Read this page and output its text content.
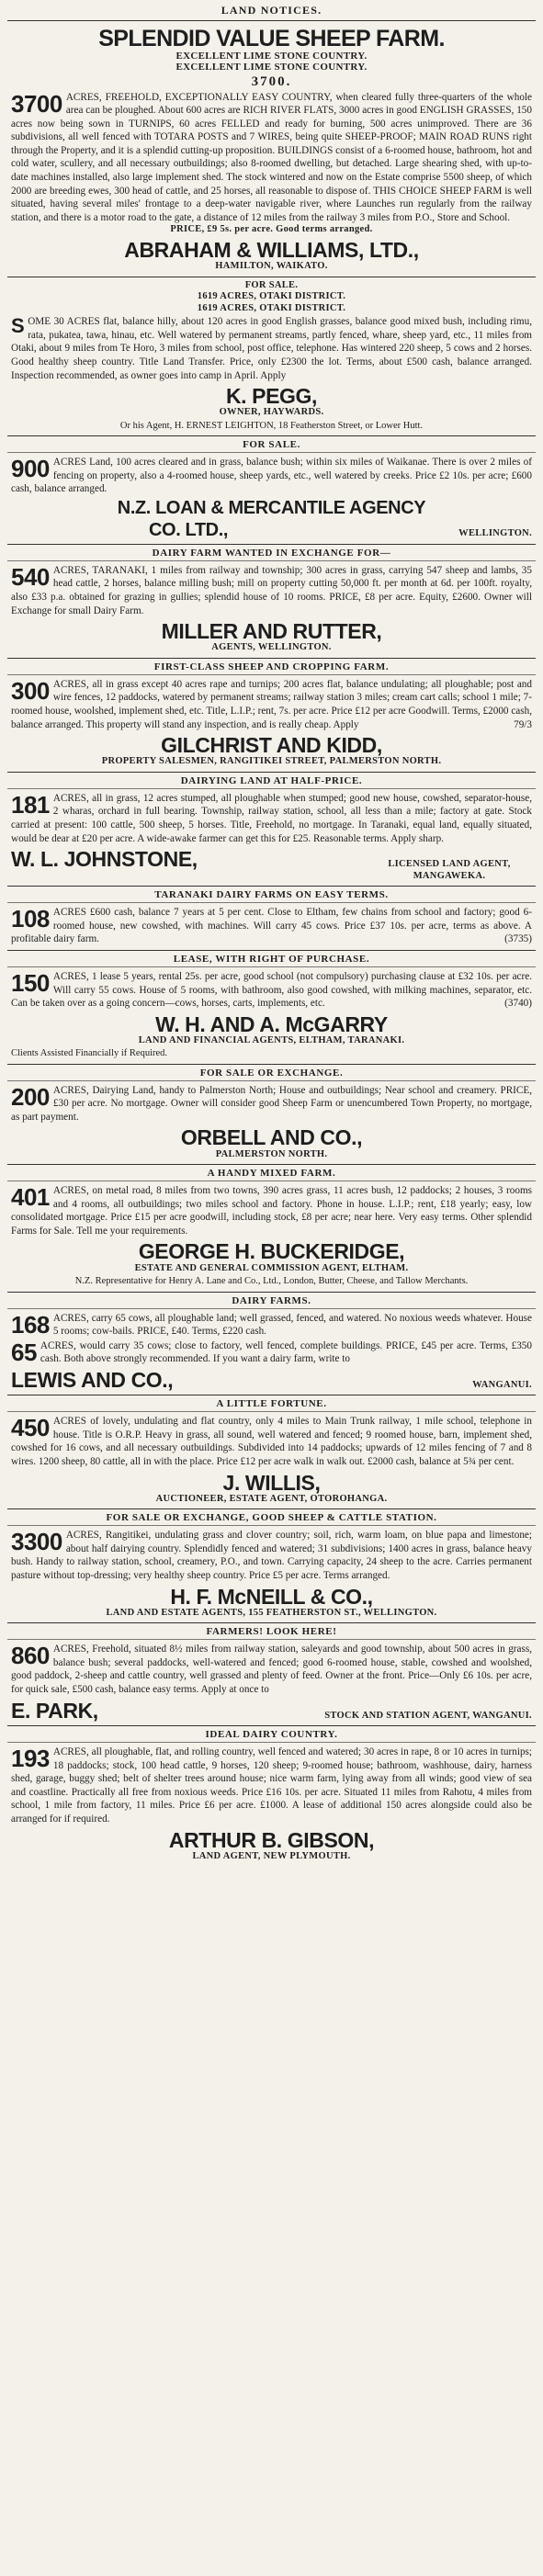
LAND NOTICES.
SPLENDID VALUE SHEEP FARM.
EXCELLENT LIME STONE COUNTRY.
EXCELLENT LIME STONE COUNTRY.
3700.
3700 ACRES, FREEHOLD, EXCEPTIONALLY EASY COUNTRY, when cleared fully three-quarters of the whole area can be ploughed. About 600 acres are RICH RIVER FLATS, 3000 acres in good ENGLISH GRASSES, 150 acres now being sown in TURNIPS, 60 acres FELLED and ready for burning, 500 acres unimproved. There are 36 subdivisions, all well fenced with TOTARA POSTS and 7 WIRES, being quite SHEEP-PROOF; MAIN ROAD RUNS right through the Property, and it is a splendid cutting-up proposition. BUILDINGS consist of a 6-roomed house, bathroom, hot and cold water, scullery, and all necessary outbuildings; also 8-roomed dwelling, but detached. Large shearing shed, with up-to-date machines installed, also large implement shed. The stock wintered and now on the Estate comprise 5500 sheep, of which 2000 are breeding ewes, 300 head of cattle, and 25 horses, all reasonable to dispose of. THIS CHOICE SHEEP FARM is well situated, having several miles' frontage to a deep-water navigable river, where Launches run regularly from the railway station, and there is a motor road to the gate, a distance of 12 miles from the railway 3 miles from P.O., Store and School.
PRICE, £9 5s. per acre. Good terms arranged.
ABRAHAM & WILLIAMS, LTD.,
HAMILTON, WAIKATO.
FOR SALE.
1619 ACRES, OTAKI DISTRICT.
1619 ACRES, OTAKI DISTRICT.
S OME 30 ACRES flat, balance hilly, about 120 acres in good English grasses, balance good mixed bush, including rimu, rata, pukatea, tawa, hinau, etc. Well watered by permanent streams, partly fenced, whare, sheep yard, etc., 11 miles from Otaki, about 9 miles from Te Horo, 3 miles from school, post office, telephone. Has wintered 220 sheep, 5 cows and 2 horses. Good healthy sheep country. Title Land Transfer. Price, only £2300 the lot. Terms, about £500 cash, balance arranged. Inspection recommended, as owner goes into camp in April. Apply
K. PEGG,
OWNER, HAYWARDS.
Or his Agent, H. ERNEST LEIGHTON, 18 Featherston Street, or Lower Hutt.
FOR SALE.
900 ACRES Land, 100 acres cleared and in grass, balance bush; within six miles of Waikanae. There is over 2 miles of fencing on property, also a 4-roomed house, sheep yards, etc., well watered by creeks. Price £2 10s. per acre; £600 cash, balance arranged.
N.Z. LOAN & MERCANTILE AGENCY
CO. LTD.,	WELLINGTON.
DAIRY FARM WANTED IN EXCHANGE FOR—
540 ACRES, TARANAKI, 1 miles from railway and township; 300 acres in grass, carrying 547 sheep and lambs, 35 head cattle, 2 horses, balance milling bush; mill on property cutting 50,000 ft. per month at 6d. per 100ft. royalty, also £33 p.a. obtained for grazing in gullies; splendid house of 10 rooms. PRICE, £8 per acre. Equity, £2600. Owner will Exchange for small Dairy Farm.
MILLER AND RUTTER,
AGENTS, WELLINGTON.
FIRST-CLASS SHEEP AND CROPPING FARM.
300 ACRES, all in grass except 40 acres rape and turnips; 200 acres flat, balance undulating; all ploughable; post and wire fences, 12 paddocks, watered by permanent streams; railway station 3 miles; cream cart calls; school 1 mile; 7-roomed house, woolshed, implement shed, etc. Title, L.I.P.; rent, 7s. per acre. Price £12 per acre Goodwill. Terms, £2000 cash, balance arranged. This property will stand any inspection, and is really cheap. Apply	79/3
GILCHRIST AND KIDD,
PROPERTY SALESMEN, RANGITIKEI STREET, PALMERSTON NORTH.
DAIRYING LAND AT HALF-PRICE.
181 ACRES, all in grass, 12 acres stumped, all ploughable when stumped; good new house, cowshed, separator-house, 2 wharas, orchard in full bearing. Township, railway station, school, all less than a mile; factory at gate. Stock carried at present: 100 cattle, 500 sheep, 5 horses. Title, Freehold, no mortgage. In Taranaki, equal land, equally situated, would be dear at £20 per acre. A wide-awake farmer can get this for £25. Reasonable terms. Apply sharp.
W. L. JOHNSTONE,	LICENSED LAND AGENT, MANGAWEKA.
TARANAKI DAIRY FARMS ON EASY TERMS.
108 ACRES £600 cash, balance 7 years at 5 per cent. Close to Eltham, few chains from school and factory; good 6-roomed house, new cowshed, with machines. Will carry 45 cows. Price £37 10s. per acre, terms as above. A profitable dairy farm.	(3735)
LEASE, WITH RIGHT OF PURCHASE.
150 ACRES, 1 lease 5 years, rental 25s. per acre, good school (not compulsory) purchasing clause at £32 10s. per acre. Will carry 55 cows. House of 5 rooms, with bathroom, also good cowshed, with milking machines, separator, etc. Can be taken over as a going concern—cows, horses, carts, implements, etc.	(3740)
W. H. AND A. McGARRY
LAND AND FINANCIAL AGENTS, ELTHAM, TARANAKI.
Clients Assisted Financially if Required.
FOR SALE OR EXCHANGE.
200 ACRES, Dairying Land, handy to Palmerston North; House and outbuildings; Near school and creamery. PRICE, £30 per acre. No mortgage. Owner will consider good Sheep Farm or unencumbered Town Property, no mortgage, as part payment.
ORBELL AND CO.,
PALMERSTON NORTH.
A HANDY MIXED FARM.
401 ACRES, on metal road, 8 miles from two towns, 390 acres grass, 11 acres bush, 12 paddocks; 2 houses, 3 rooms and 4 rooms, all outbuildings; two miles school and factory. Phone in house. L.I.P.; rent, £18 yearly; easy, low consolidated mortgage. Price £15 per acre goodwill, including stock, £8 per acre; near here. Very easy terms. Other splendid Farms for Sale. Tell me your requirements.
GEORGE H. BUCKERIDGE,
ESTATE AND GENERAL COMMISSION AGENT, ELTHAM.
N.Z. Representative for Henry A. Lane and Co., Ltd., London, Butter, Cheese, and Tallow Merchants.
DAIRY FARMS.
168 ACRES, carry 65 cows, all ploughable land; well grassed, fenced, and watered. No noxious weeds whatever. House 5 rooms; cow-bails. PRICE, £40. Terms, £220 cash.
65 ACRES, would carry 35 cows; close to factory, well fenced, complete buildings. PRICE, £45 per acre. Terms, £350 cash. Both above strongly recommended. If you want a dairy farm, write to
LEWIS AND CO.,	WANGANUI.
A LITTLE FORTUNE.
450 ACRES of lovely, undulating and flat country, only 4 miles to Main Trunk railway, 1 mile school, telephone in house. Title is O.R.P. Heavy in grass, all sound, well watered and fenced; 9 roomed house, barn, implement shed, cowshed for 16 cows, and all necessary outbuildings. Subdivided into 14 paddocks; upwards of 12 miles fencing of 7 and 8 wires. 1200 sheep, 80 cattle, all in with the place. Price £12 per acre walk in walk out. £2000 cash, balance at 5¾ per cent.
J. WILLIS,
AUCTIONEER, ESTATE AGENT, OTOROHANGA.
FOR SALE OR EXCHANGE, GOOD SHEEP & CATTLE STATION.
3300 ACRES, Rangitikei, undulating grass and clover country; soil, rich, warm loam, on blue papa and limestone; about half dairying country. Splendidly fenced and watered; 31 subdivisions; 1400 acres in grass, balance heavy bush. Handy to railway station, school, creamery, P.O., and town. Carrying capacity, 24 sheep to the acre. Carries permanent pasture without top-dressing; very healthy sheep country. Price £5 per acre. Terms arranged.
H. F. McNEILL & CO.,
LAND AND ESTATE AGENTS, 155 FEATHERSTON ST., WELLINGTON.
FARMERS! LOOK HERE!
860 ACRES, Freehold, situated 8½ miles from railway station, saleyards and good township, about 500 acres in grass, balance bush; several paddocks, well-watered and fenced; good 6-roomed house, stable, cowshed and woolshed, good paddock, 2-sheep and cattle country, well grassed and plenty of feed. Owner at the front. Price—Only £6 10s. per acre, for quick sale, £500 cash, balance easy terms. Apply at once to
E. PARK,	STOCK AND STATION AGENT, WANGANUI.
IDEAL DAIRY COUNTRY.
193 ACRES, all ploughable, flat, and rolling country, well fenced and watered; 30 acres in rape, 8 or 10 acres in turnips; 18 paddocks; stock, 100 head cattle, 9 horses, 120 sheep; 9-roomed house; bathroom, washhouse, dairy, harness shed, garage, buggy shed; belt of shelter trees around house; nice warm farm, lying away from all winds; good view of sea and coastline. Practically all free from noxious weeds. Price £16 10s. per acre. Situated 11 miles from Rahotu, 4 miles from school, 1 mile from factory, 11 miles. Price £6 per acre. £1000. A lease of additional 150 acres alongside could also be arranged for if required.
ARTHUR B. GIBSON,
LAND AGENT, NEW PLYMOUTH.
